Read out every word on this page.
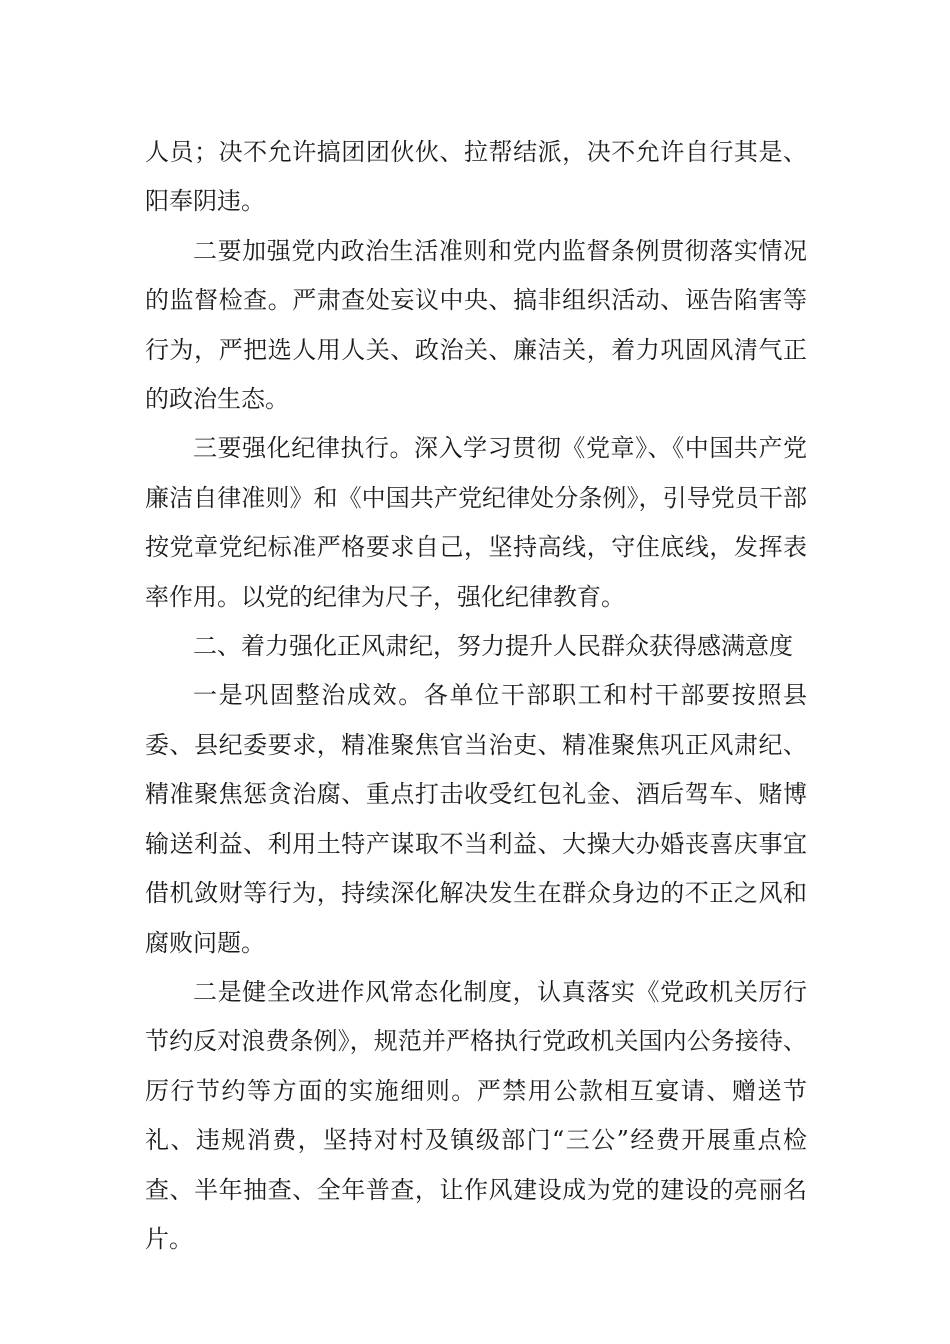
人员；决不允许搞团团伙伙、拉帮结派，决不允许自行其是、阳奉阴违。

二要加强党内政治生活准则和党内监督条例贯彻落实情况的监督检查。严肃查处妄议中央、搞非组织活动、诬告陷害等行为，严把选人用人关、政治关、廉洁关，着力巩固风清气正的政治生态。

三要强化纪律执行。深入学习贯彻《党章》、《中国共产党廉洁自律准则》和《中国共产党纪律处分条例》，引导党员干部按党章党纪标准严格要求自己，坚持高线，守住底线，发挥表率作用。以党的纪律为尺子，强化纪律教育。

二、着力强化正风肃纪，努力提升人民群众获得感满意度

一是巩固整治成效。各单位干部职工和村干部要按照县委、县纪委要求，精准聚焦官当治吏、精准聚焦巩正风肃纪、精准聚焦惩贪治腐、重点打击收受红包礼金、酒后驾车、赌博输送利益、利用土特产谋取不当利益、大操大办婚丧喜庆事宜借机敛财等行为，持续深化解决发生在群众身边的不正之风和腐败问题。

二是健全改进作风常态化制度，认真落实《党政机关厉行节约反对浪费条例》，规范并严格执行党政机关国内公务接待、厉行节约等方面的实施细则。严禁用公款相互宴请、赠送节礼、违规消费，坚持对村及镇级部门“三公”经费开展重点检查、半年抽查、全年普查，让作风建设成为党的建设的亮丽名片。
